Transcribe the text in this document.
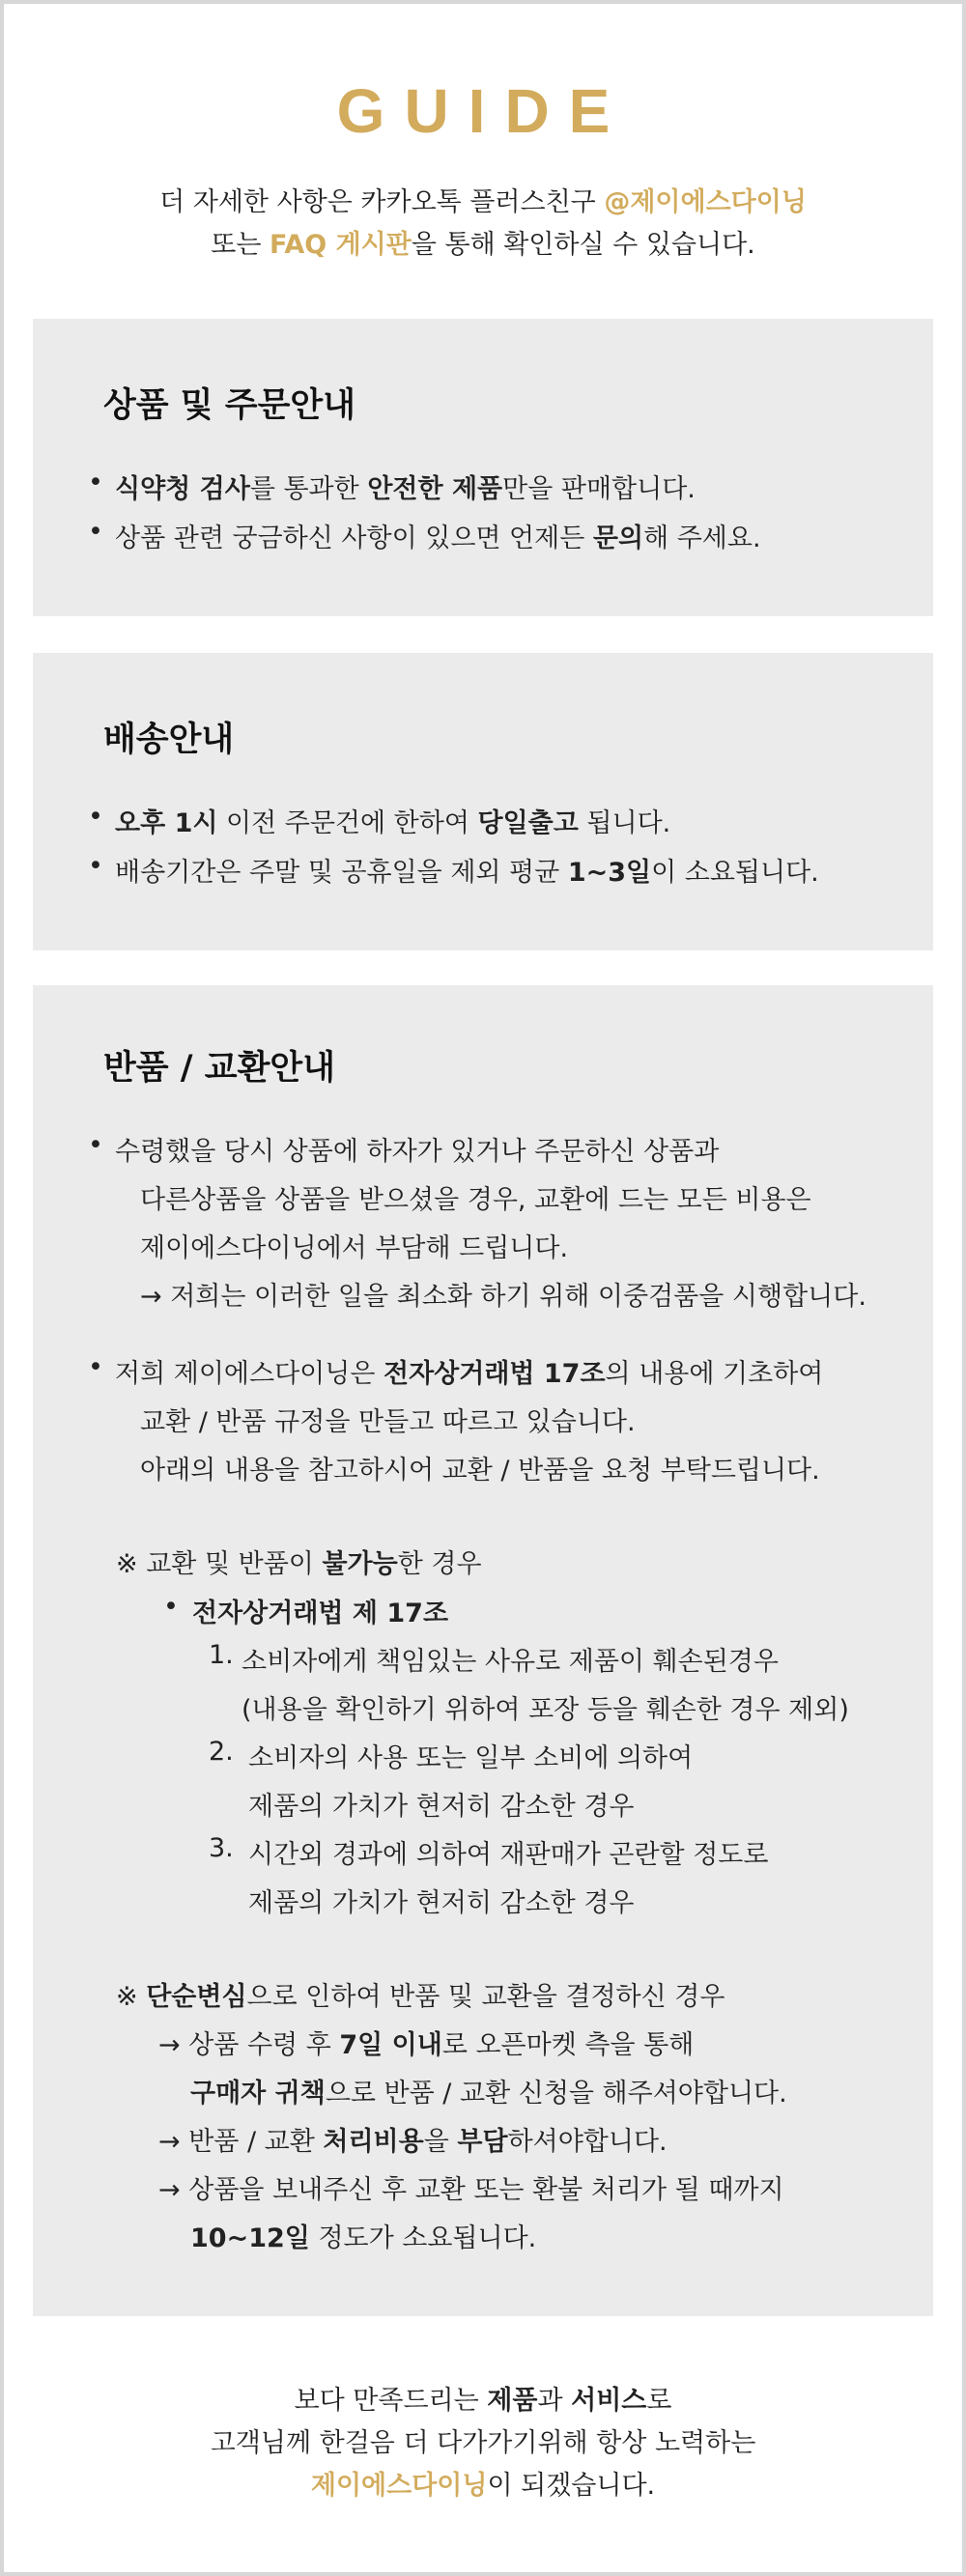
GUIDE
더 자세한 사항은 카카오톡 플러스친구 @제이에스다이닝
또는 FAQ 게시판을 통해 확인하실 수 있습니다.
상품 및 주문안내
• 식약청 검사를 통과한 안전한 제품만을 판매합니다.
• 상품 관련 궁금하신 사항이 있으면 언제든 문의해 주세요.
배송안내
• 오후 1시 이전 주문건에 한하여 당일출고 됩니다.
• 배송기간은 주말 및 공휴일을 제외 평균 1~3일이 소요됩니다.
반품 / 교환안내
• 수령했을 당시 상품에 하자가 있거나 주문하신 상품과
다른상품을 상품을 받으셨을 경우, 교환에 드는 모든 비용은
제이에스다이닝에서 부담해 드립니다.
→ 저희는 이러한 일을 최소화 하기 위해 이중검품을 시행합니다.
• 저희 제이에스다이닝은 전자상거래법 17조의 내용에 기초하여
교환 / 반품 규정을 만들고 따르고 있습니다.
아래의 내용을 참고하시어 교환 / 반품을 요청 부탁드립니다.
※ 교환 및 반품이 불가능한 경우
• 전자상거래법 제 17조
1. 소비자에게 책임있는 사유로 제품이 훼손된경우
(내용을 확인하기 위하여 포장 등을 훼손한 경우 제외)
2. 소비자의 사용 또는 일부 소비에 의하여
제품의 가치가 현저히 감소한 경우
3. 시간외 경과에 의하여 재판매가 곤란할 정도로
제품의 가치가 현저히 감소한 경우
※ 단순변심으로 인하여 반품 및 교환을 결정하신 경우
→ 상품 수령 후 7일 이내로 오픈마켓 측을 통해
구매자 귀책으로 반품 / 교환 신청을 해주셔야합니다.
→ 반품 / 교환 처리비용을 부담하셔야합니다.
→ 상품을 보내주신 후 교환 또는 환불 처리가 될 때까지
10~12일 정도가 소요됩니다.
보다 만족드리는 제품과 서비스로
고객님께 한걸음 더 다가가기위해 항상 노력하는
제이에스다이닝이 되겠습니다.
